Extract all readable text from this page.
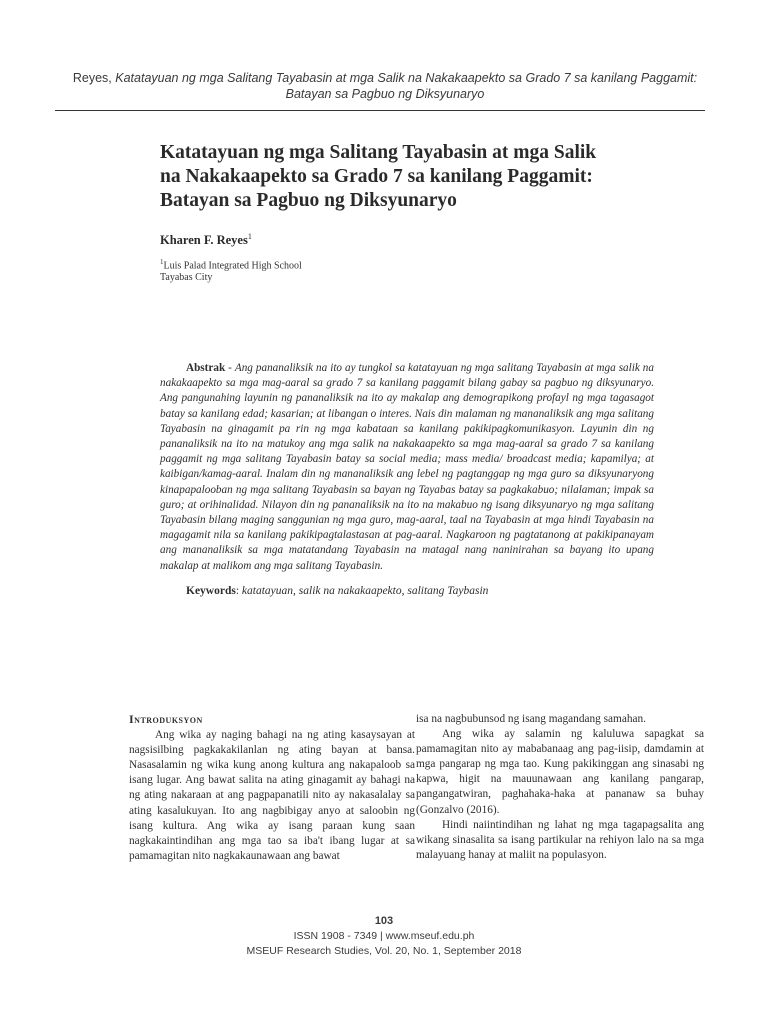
Reyes, Katatayuan ng mga Salitang Tayabasin at mga Salik na Nakakaapekto sa Grado 7 sa kanilang Paggamit:
Batayan sa Pagbuo ng Diksyunaryo
Katatayuan ng mga Salitang Tayabasin at mga Salik
na Nakakaapekto sa Grado 7 sa kanilang Paggamit:
Batayan sa Pagbuo ng Diksyunaryo
Kharen F. Reyes$^1$
$^1$Luis Palad Integrated High School
Tayabas City

Abstrak - Ang pananaliksik na ito ay tungkol sa katatayuan ng mga salitang Tayabasin at mga salik na nakakaapekto sa mga mag-aaral sa grado 7 sa kanilang paggamit bilang gabay sa pagbuo ng diksyunaryo. Ang pangunahing layunin ng pananaliksik na ito ay makalap ang demograpikong profayl ng mga tagasagot batay sa kanilang edad; kasarian; at libangan o interes. Nais din malaman ng mananaliksik ang mga salitang Tayabasin na ginagamit pa rin ng mga kabataan sa kanilang pakikipagkomunikasyon. Layunin din ng pananaliksik na ito na matukoy ang mga salik na nakakaapekto sa mga mag-aaral sa grado 7 sa kanilang paggamit ng mga salitang Tayabasin batay sa social media; mass media/ broadcast media; kapamilya; at kaibigan/kamag-aaral. Inalam din ng mananaliksik ang lebel ng pagtanggap ng mga guro sa diksyunaryong kinapapalooban ng mga salitang Tayabasin sa bayan ng Tayabas batay sa pagkakabuo; nilalaman; impak sa guro; at orihinalidad. Nilayon din ng pananaliksik na ito na makabuo ng isang diksyunaryo ng mga salitang Tayabasin bilang maging sanggunian ng mga guro, mag-aaral, taal na Tayabasin at mga hindi Tayabasin na magagamit nila sa kanilang pakikipagtalastasan at pag-aaral. Nagkaroon ng pagtatanong at pakikipanayam ang mananaliksik sa mga matatandang Tayabasin na matagal nang naninirahan sa bayang ito upang makalap at malikom ang mga salitang Tayabasin.

Keywords: katatayuan, salik na nakakaapekto, salitang Taybasin
Introduksyon

Ang wika ay naging bahagi na ng ating kasaysayan at nagsisilbing pagkakakilanlan ng ating bayan at bansa. Nasasalamin ng wika kung anong kultura ang nakapaloob sa isang lugar. Ang bawat salita na ating ginagamit ay bahagi na ng ating nakaraan at ang pagpapanatili nito ay nakasalalay sa ating kasalukuyan. Ito ang nagbibigay anyo at saloobin ng isang kultura. Ang wika ay isang paraan kung saan nagkakaintindihan ang mga tao sa iba't ibang lugar at sa pamamagitan nito nagkakaunawaan ang bawat

isa na nagbubunsod ng isang magandang samahan.

Ang wika ay salamin ng kaluluwa sapagkat sa pamamagitan nito ay mababanaag ang pag-iisip, damdamin at mga pangarap ng mga tao. Kung pakikinggan ang sinasabi ng kapwa, higit na mauunawaan ang kanilang pangarap, pangangatwiran, paghahaka-haka at pananaw sa buhay (Gonzalvo (2016).

Hindi naiintindihan ng lahat ng mga tagapagsalita ang wikang sinasalita sa isang partikular na rehiyon lalo na sa mga malayuang hanay at maliit na populasyon.

103
ISSN 1908 - 7349 | www.mseuf.edu.ph
MSEUF Research Studies, Vol. 20, No. 1, September 2018
